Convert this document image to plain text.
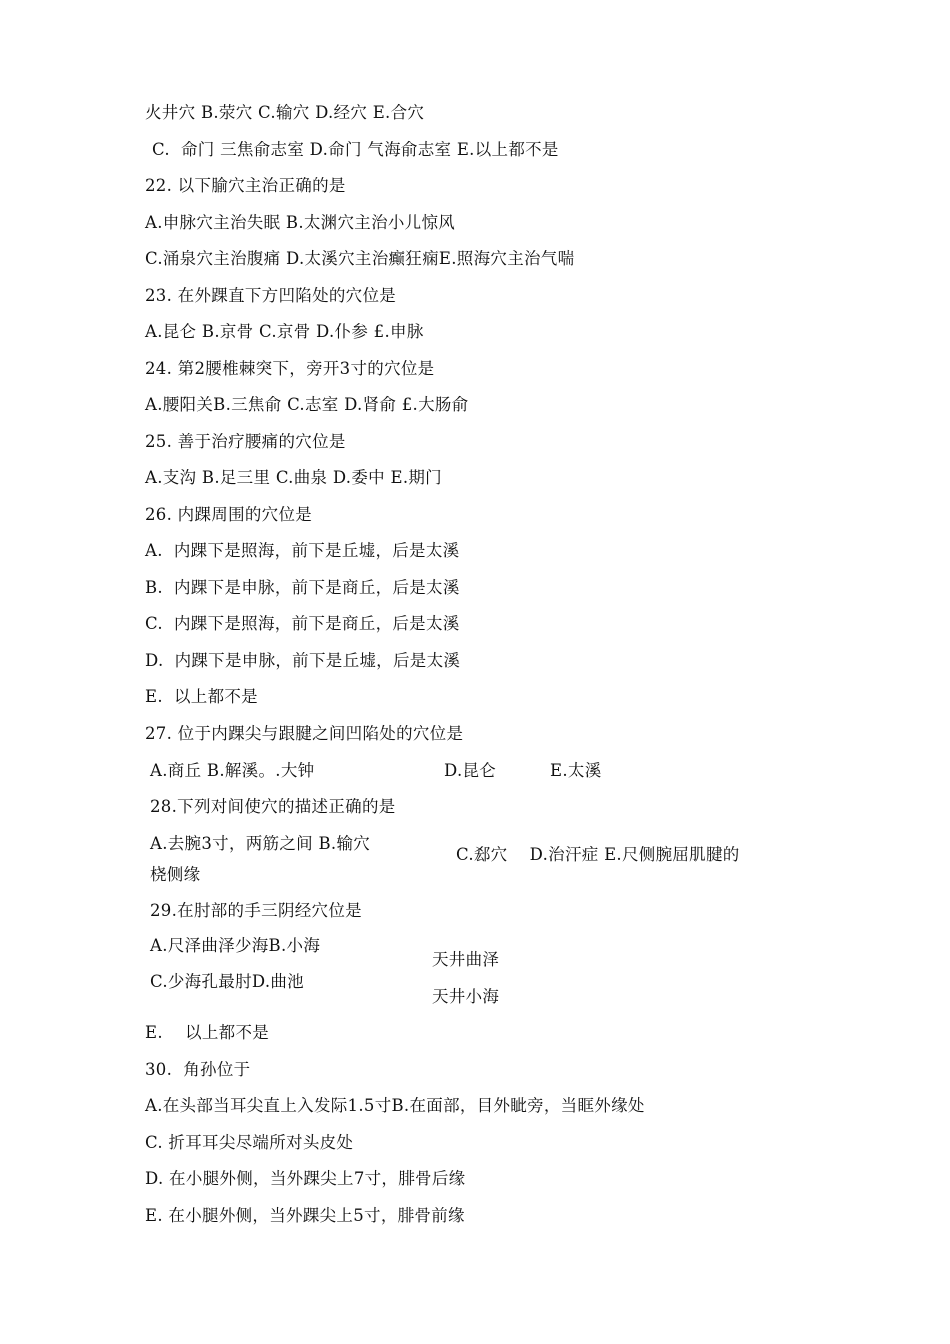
火井穴 B.荥穴 C.输穴 D.经穴 E.合穴
C.  命门 三焦俞志室 D.命门 气海俞志室 E.以上都不是
22. 以下腧穴主治正确的是
A.申脉穴主治失眠 B.太渊穴主治小儿惊风
C.涌泉穴主治腹痛 D.太溪穴主治癫狂痫E.照海穴主治气喘
23. 在外踝直下方凹陷处的穴位是
A.昆仑 B.京骨 C.京骨 D.仆参 £.申脉
24. 第2腰椎棘突下，旁开3寸的穴位是
A.腰阳关B.三焦俞 C.志室 D.肾俞 £.大肠俞
25. 善于治疗腰痛的穴位是
A.支沟 B.足三里 C.曲泉 D.委中 E.期门
26. 内踝周围的穴位是
A.  内踝下是照海，前下是丘墟，后是太溪
B.  内踝下是申脉，前下是商丘，后是太溪
C.  内踝下是照海，前下是商丘，后是太溪
D.  内踝下是申脉，前下是丘墟，后是太溪
E.  以上都不是
27. 位于内踝尖与跟腱之间凹陷处的穴位是
A.商丘 B.解溪。.大钟	D.昆仑	E.太溪
28.下列对间使穴的描述正确的是
A.去腕3寸，两筋之间 B.输穴
桡侧缘
C.郄穴    D.治汗症 E.尺侧腕屈肌腱的
29.在肘部的手三阴经穴位是
A.尺泽曲泽少海B.小海
天井曲泽
C.少海孔最肘D.曲池
天井小海
E.    以上都不是
30.  角孙位于
A.在头部当耳尖直上入发际1.5寸B.在面部，目外眦旁，当眶外缘处
C. 折耳耳尖尽端所对头皮处
D. 在小腿外侧，当外踝尖上7寸，腓骨后缘
E. 在小腿外侧，当外踝尖上5寸，腓骨前缘
